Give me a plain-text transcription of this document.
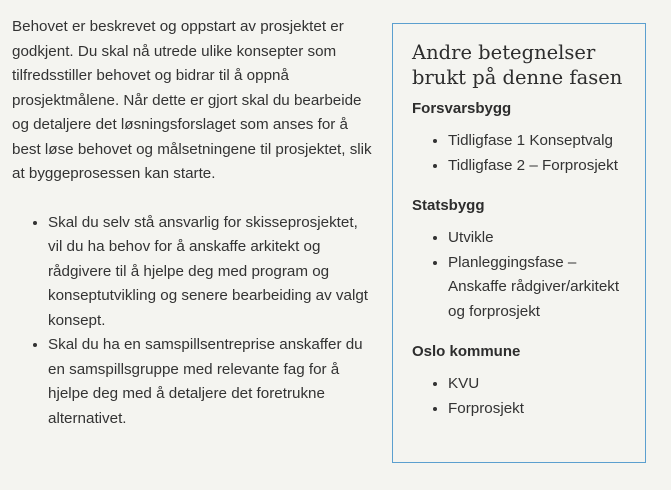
Behovet er beskrevet og oppstart av prosjektet er godkjent. Du skal nå utrede ulike konsepter som tilfredsstiller behovet og bidrar til å oppnå prosjektmålene. Når dette er gjort skal du bearbeide og detaljere det løsningsforslaget som anses for å best løse behovet og målsetningene til prosjektet, slik at byggeprosessen kan starte.

• Skal du selv stå ansvarlig for skisseprosjektet, vil du ha behov for å anskaffe arkitekt og rådgivere til å hjelpe deg med program og konseptutvikling og senere bearbeiding av valgt konsept.
• Skal du ha en samspillsentreprise anskaffer du en samspillsgruppe med relevante fag for å hjelpe deg med å detaljere det foretrukne alternativet.
Andre betegnelser brukt på denne fasen
Forsvarsbygg
• Tidligfase 1 Konseptvalg
• Tidligfase 2 – Forprosjekt
Statsbygg
• Utvikle
• Planleggingsfase – Anskaffe rådgiver/arkitekt og forprosjekt
Oslo kommune
• KVU
• Forprosjekt
